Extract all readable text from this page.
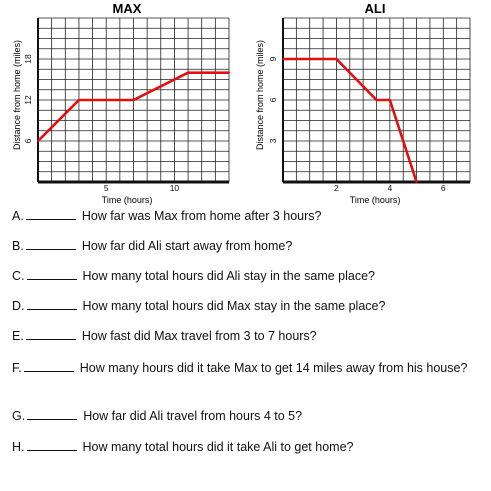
MAX
Distance from home (miles)
Time (hours)
5	10
6
12
18
ALI
Distance from home (miles)
Time (hours)
2	4	6
3
6
9
A.	How far was Max from home after 3 hours?
B.	How far did Ali start away from home?
C.	How many total hours did Ali stay in the same place?
D.	How many total hours did Max stay in the same place?
E.	How fast did Max travel from 3 to 7 hours?
F.	How many hours did it take Max to get 14 miles away from his house?
G.	How far did Ali travel from hours 4 to 5?
H.	How many total hours did it take Ali to get home?
